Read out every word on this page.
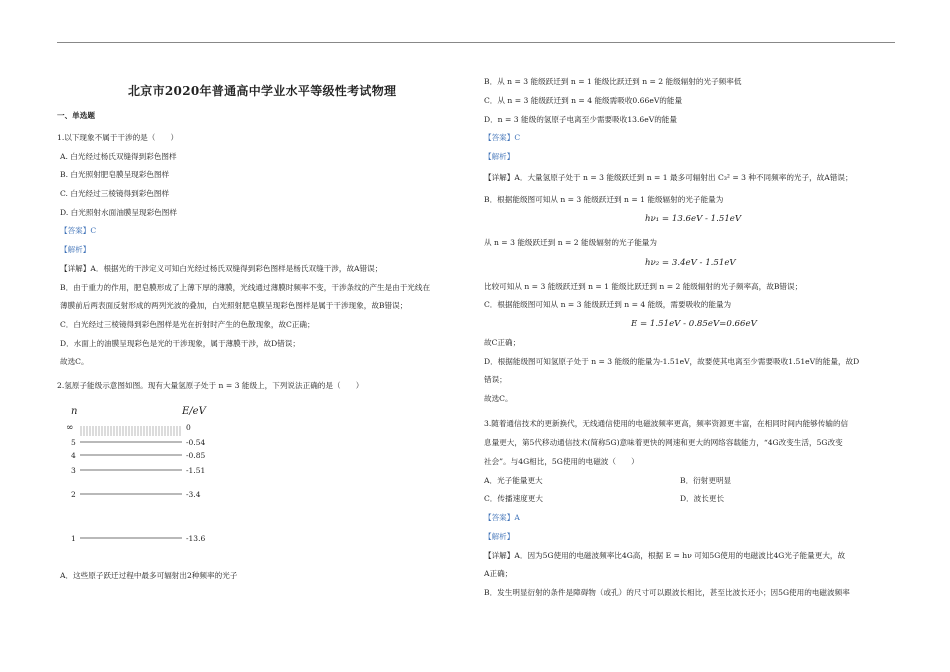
北京市2020年普通高中学业水平等级性考试物理
一、单选题
1.以下现象不属于干涉的是（　　）
A. 白光经过杨氏双缝得到彩色图样
B. 白光照射肥皂膜呈现彩色图样
C. 白光经过三棱镜得到彩色图样
D. 白光照射水面油膜呈现彩色图样
【答案】C
【解析】
【详解】A．根据光的干涉定义可知白光经过杨氏双缝得到彩色图样是杨氏双缝干涉，故A错误；
B．由于重力的作用，肥皂膜形成了上薄下厚的薄膜，光线通过薄膜时频率不变，干涉条纹的产生是由于光线在
薄膜前后两表面反射形成的两列光波的叠加，白光照射肥皂膜呈现彩色图样是属于干涉现象，故B错误；
C．白光经过三棱镜得到彩色图样是光在折射时产生的色散现象，故C正确；
D．水面上的油膜呈现彩色是光的干涉现象，属于薄膜干涉，故D错误；
故选C。
2.氢原子能级示意图如图。现有大量氢原子处于 n = 3 能级上，下列说法正确的是（　　）
n	E/eV
∞	0
5	-0.54
4	-0.85
3	-1.51
2	-3.4
1	-13.6
A．这些原子跃迁过程中最多可辐射出2种频率的光子
B．从 n = 3 能级跃迁到 n = 1 能级比跃迁到 n = 2 能级辐射的光子频率低
C．从 n = 3 能级跃迁到 n = 4 能级需吸收0.66eV的能量
D．n = 3 能级的氢原子电离至少需要吸收13.6eV的能量
【答案】C
【解析】
【详解】A．大量氢原子处于 n = 3 能级跃迁到 n = 1 最多可辐射出 C₃² = 3 种不同频率的光子，故A错误；
B．根据能级图可知从 n = 3 能级跃迁到 n = 1 能级辐射的光子能量为
hν₁ = 13.6eV - 1.51eV
从 n = 3 能级跃迁到 n = 2 能级辐射的光子能量为
hν₂ = 3.4eV - 1.51eV
比较可知从 n = 3 能级跃迁到 n = 1 能级比跃迁到 n = 2 能级辐射的光子频率高，故B错误；
C．根据能级图可知从 n = 3 能级跃迁到 n = 4 能级，需要吸收的能量为
E = 1.51eV - 0.85eV=0.66eV
故C正确；
D．根据能级图可知氢原子处于 n = 3 能级的能量为-1.51eV，故要使其电离至少需要吸收1.51eV的能量，故D
错误；
故选C。
3.随着通信技术的更新换代，无线通信使用的电磁波频率更高，频率资源更丰富，在相同时间内能够传输的信
息量更大，第5代移动通信技术(简称5G)意味着更快的网速和更大的网络容载能力，“4G改变生活，5G改变
社会”。与4G相比，5G使用的电磁波（　　）
A．光子能量更大	B．衍射更明显
C．传播速度更大	D．波长更长
【答案】A
【解析】
【详解】A．因为5G使用的电磁波频率比4G高，根据 E = hν 可知5G使用的电磁波比4G光子能量更大，故
A正确；
B．发生明显衍射的条件是障碍物（或孔）的尺寸可以跟波长相比，甚至比波长还小；因5G使用的电磁波频率
